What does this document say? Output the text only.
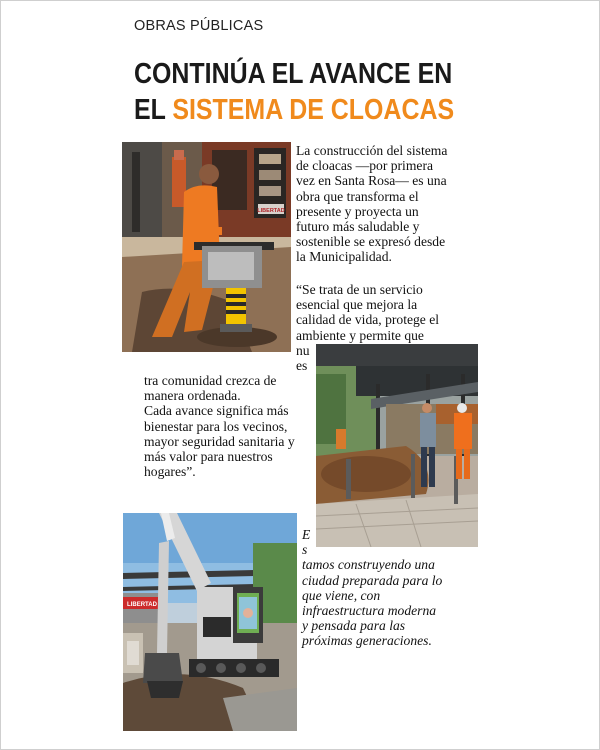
OBRAS PÚBLICAS
CONTINÚA EL AVANCE EN
EL SISTEMA DE CLOACAS
LIBERTAD
LIBERTAD
La construcción del sistema
de cloacas —por primera
vez en Santa Rosa— es una
obra que transforma el
presente y proyecta un
futuro más saludable y
sostenible se expresó desde
la Municipalidad.
“Se trata de un servicio
esencial que mejora la
calidad de vida, protege el
ambiente y permite que
nu
es
tra comunidad crezca de
manera ordenada.
Cada avance significa más
bienestar para los vecinos,
mayor seguridad sanitaria y
más valor para nuestros
hogares”.
E
s
tamos construyendo una
ciudad preparada para lo
que viene, con
infraestructura moderna
y pensada para las
próximas generaciones.
